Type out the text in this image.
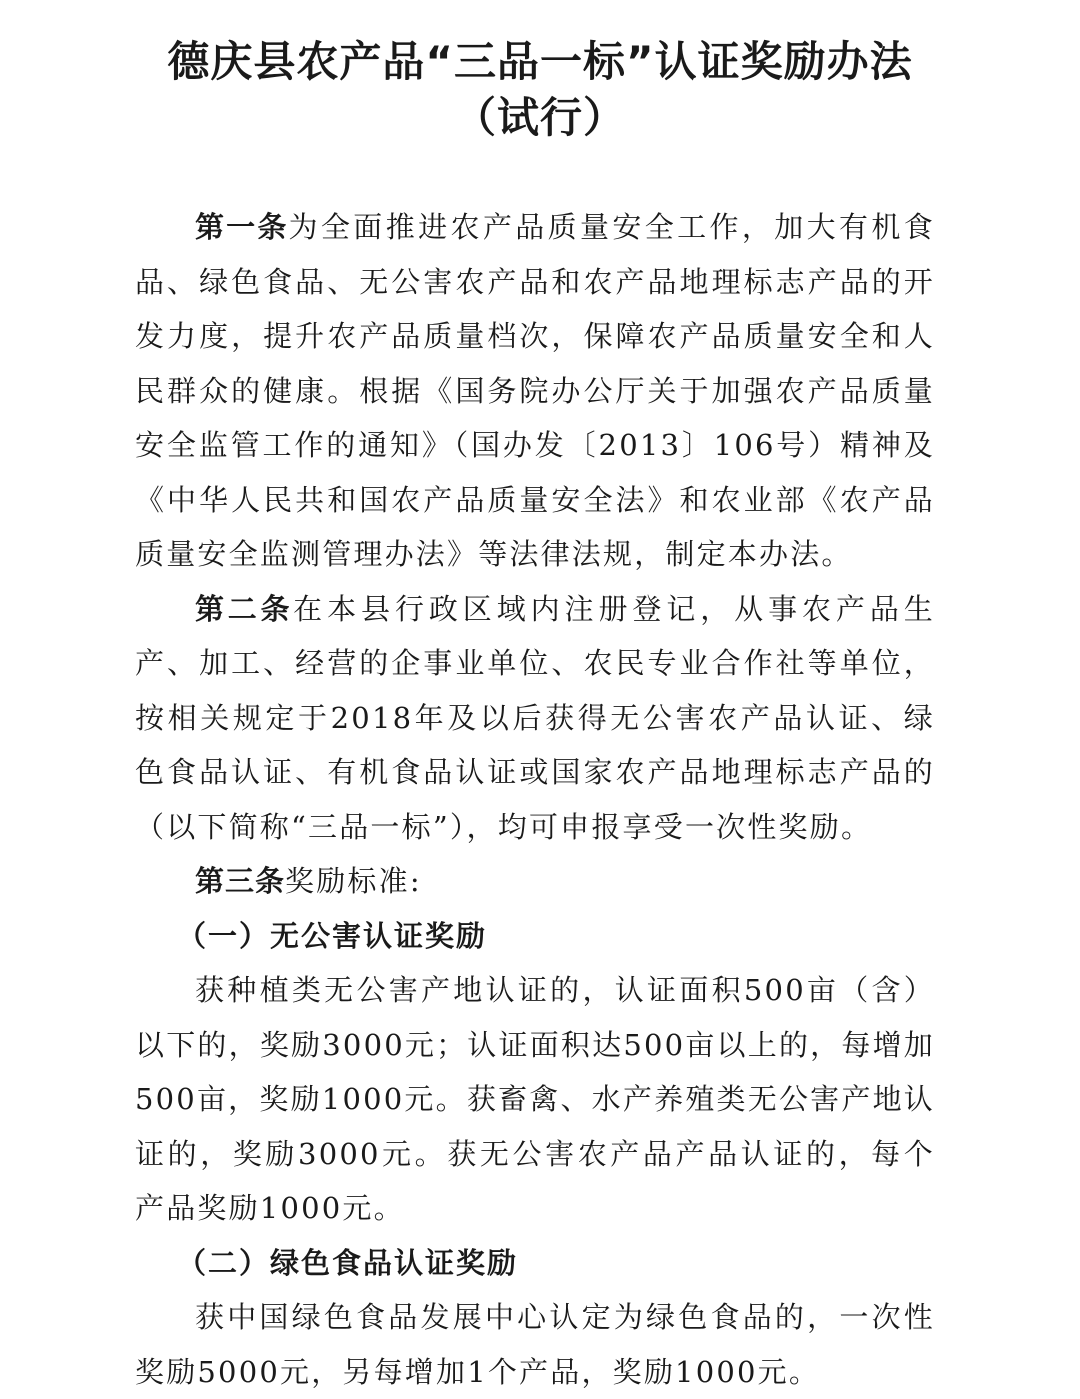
德庆县农产品“三品一标”认证奖励办法
（试行）

第一条为全面推进农产品质量安全工作，加大有机食品、绿色食品、无公害农产品和农产品地理标志产品的开发力度，提升农产品质量档次，保障农产品质量安全和人民群众的健康。根据《国务院办公厅关于加强农产品质量安全监管工作的通知》（国办发〔2013〕106号）精神及《中华人民共和国农产品质量安全法》和农业部《农产品质量安全监测管理办法》等法律法规，制定本办法。

第二条在本县行政区域内注册登记，从事农产品生产、加工、经营的企事业单位、农民专业合作社等单位，按相关规定于2018年及以后获得无公害农产品认证、绿色食品认证、有机食品认证或国家农产品地理标志产品的（以下简称“三品一标”），均可申报享受一次性奖励。

第三条奖励标准:

（一）无公害认证奖励

获种植类无公害产地认证的，认证面积500亩（含）以下的，奖励3000元；认证面积达500亩以上的，每增加500亩，奖励1000元。获畜禽、水产养殖类无公害产地认证的，奖励3000元。获无公害农产品产品认证的，每个产品奖励1000元。

（二）绿色食品认证奖励

获中国绿色食品发展中心认定为绿色食品的，一次性奖励5000元，另每增加1个产品，奖励1000元。
